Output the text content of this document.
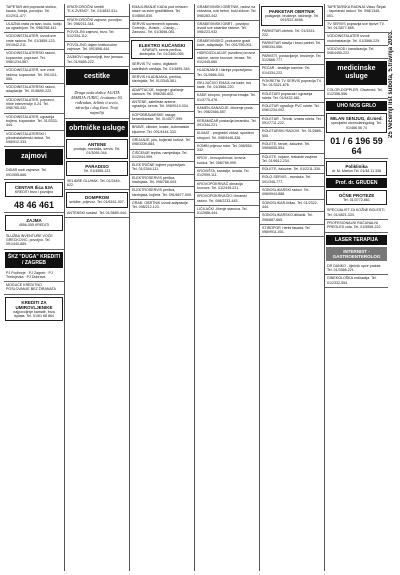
TAPETAR deli popravak stolica, kauča, fotelja, povoljno. Tel. 01/2911-477.
ULAZNA vrata za stan, kuću, kutiju sa ugradnjom. Tel. 098/258-441.
VODOINSTALATER, izvodi sve vrste radova. Tel. 01/3859-123, 091/542-211.
VODOINSTALATERSKI radovi, kupaonice, popravci. Tel. 098/1234-567.
VODOINSTALATER, sve vrste radova, kupaonice. Tel. 091/411-555.
VODOINSTALATERSKI radovi, adaptacije. Tel. 01/6690-222.
VODOINSTALATER, popravci, hitne intervencije 0-24. Tel. 098/765-432.
VODOINSTALATER, ugradnja bojlera, kupaonice. Tel. 01/3333-444.
VODOINSTALATERSKI i plinoinstalaterski radovi. Tel. 098/912-333.
zajmovi
DIDAR nudi zajmove. Tel. 091/555-666.
CENTAR Ilica 53A
KREDITI brzo i povoljno
48 46 461
ZAJMA
4556-055 KREDITI
SLUŽBA INVENTURE VOĆE GRECKOVIC, povoljno. Tel. 091/440-889.
ŠKZ "DUGA" KREDITI / ZAGREB
PJ Podhorje · PJ Zagreb · PJ Trešnjevka · PJ Dubrava
MOGUĆE KREDITNO POSLOVANJE BEZ ŽIRANATA
KREDITI ZA UMIROVLJENIKE
najpovoljnije kamate, brza isplata. Tel. 01/61 68 864
KRATKOROČNI krediti "E.K.ZVENO". Tel. 01/4832-511.
KRATKOROČNI zajmovi, povoljno. Tel. 098/211-344.
POVOLJNI zajmovi, brzo. Tel. 01/2334-112.
POVOLJNO dajem kratkoročne zajmove. Tel. 091/898-444.
ZAJMOVI najpovoljniji, bez jamaca. Tel. 01/4655-222.
cestitke
Draga naša dušice AGATA MARIJA JURIĆ, čestitamo 50. rođendan, želimo ti sreću, zdravlja i dug život. Tvoji najmiliji
obrtničke usluge
ANTENE
prodaja, montaža, servis. Tel. 01/3095-044.
PARADISO
Tel. 01/4555-123
SELIDBE GLUHAK. Tel. 01/2449-622.
DOMPROM
selidbe, prijevoz. Tel. 01/6161-007.
ANTENSKI sustavi. Tel. 01/3689-444.
EMAJLIRANJE KADA pod mirisom staze na svim gradilištima. Tel. 01/5660-830.
SERVIS suvremenih aparata -Gorenje-, -Bosch-, -Candy-, -Zanussi-. Tel. 01/3698-081.
ELEKTRO KUĆANSKI
APARATI, servis perilica, štednjaka. Tel. 01/2460-055.
SERVIS TV, video, digitalnih satelitskih uređaja. Tel. 01/4895-345.
SERVIS HLADNJAKA, perilica, štednjaka. Tel. 01/3345-561.
ADAPTACIJE, bojanje i glačanje stanova. Tel. 098/280-602.
ANTENE, satelitske antene, ugradnja, servis. Tel. 098/9119-334.
KOPOBRAVARSKE usluge, keramičarske. Tel. 01/4577-999.
BRAVE, cilindre, kvake, automatske ključeve. Tel. 091/4444-333.
GRIJANJE, plin, bojlerski kotlovi. Tel. 098/3339-884.
ČIŠĆENJE tepiha, namještaja. Tel. 01/2944-999.
ELEKTRIČNE bojlere popravljam. Tel. 01/2344-111.
ELEKTROSERVIS perilica, hladnjaka. Tel. 098/788-004.
ELEKTROSERVIS perilica, štednjaka, bojlera. Tel. 091/6677-009.
GRAĐ. OBRTNIK izvodi adaptacije. Tel. 098/212-123.
GRAĐEVINSKI OBRTNIK, radovi na zidovima, ruši beton, buši zidove. Tel. 098/283-442.
GRAĐEVINSKI OBRT - povoljno izvodi sve zidarske radove. Tel. 098/223-932.
GRAĐEVINSKO -poduzeće gradi kuće, adaptacije. Tel. 091/789-001.
HIDROIZOLACIJE (svodimo) krovne radove, ravne krovove, terase. Tel. 01/2445-660.
HLADNJAKE i škrinje popravljamo. Tel. 01/4666-344.
ISKLJUČIVO EMAJL na kade, tuš kade. Tel. 01/3566-220.
KADE stropno, promjena emajla. Tel. 01/3779-476.
KAMEN-SANACIJE, čišćenje poda. Tel. 098/2466-557.
KERAMIČAR postavlja keramiku. Tel. 091/344-221.
KLIMAT - pregradni zidovi, spušteni stropovi. Tel. 098/9446-336.
KOMBI prijevoz robe. Tel. 098/554-332.
KROV - krovopokrivač, krovna kućica. Tel. 098/789-999.
KROVIŠTA, sanacije, izrada. Tel. 01/2999-111.
KROVOPOKRIVAČ obnavlja krovove. Tel. 01/2445-221.
KROVOPOKRIVAČKI i limarski radovi. Tel. 098/2233-445.
LIČILAČKI -ličenje stanova. Tel. 01/2988-444.
PARKETAR OBRTNIK
polaganje, brušenje, lakiranje. Tel. 091/522-8458.
PARKETAR-obrtnik. Tel. 01/3331-222.
PARKETAR stavlja i brusi parket. Tel. 098/334-556.
PARKETI, postavljanje, brušenje. Tel. 01/2666-777.
PEĆAR - izrađuje kamine. Tel. 01/4334-222.
POKRETNI TV SERVIS popravlja TV. Tel. 01/3321-876.
ROLETARI popravak i ugradnja roleta. Tel. 01/4432-661.
ROLETAR ugrađuje PVC rolete. Tel. 098/1234-002.
ROLETAR - Tehnik, izrada roleta. Tel. 091/7711-222.
ROLETARSKI RADOVI. Tel. 01/2889-555.
ROLETE, tende, žaluzine. Tel. 098/6655-554.
ROLETE, bojane, trakaste zavjese. Tel. 01/6612-234.
ROLETE, žaluzine. Tel. 01/2211-330.
ROLO-SERVIS - montaža. Tel. 091/345-777.
SOBOSLIKARSKI radovi. Tel. 098/9944-888.
SOBOSLIKAR-ličilac. Tel. 01/2322-444.
SOBOSLIKARSKO-ličilački. Tel. 098/887-665.
STIROPOR i tenis fasada. Tel. 098/9911-001.
TAPETARSKA RADNJA Vlaso Šinjak - tapetarski radovi. Tel. 098/1345-001.
TV SERVIS popravlja sve tipove TV. Tel. 01/3877-665.
VODOINSTALATER izvodi vodoinstalacije. Tel. 01/3566-229.
VODOVOD i kanalizacija. Tel. 098/4455-222.
medicinske usluge
COLOR-DOPPLER, Glavimed. Tel. 01/2356-556.
UHO NOS GRLO
MILAN SENJUG, dr.med.
specijalist otorinolaringolog. Tel. 01/466 56 74
01 / 6 196 59 64
Poliklinika
dr. M. Marion Tel. 01/48 11 336
Prof. dr. GRUDEN
OČNE PROTEZE
Tel. 01/3772-661
SPECIJALIST ZA KOŽNE BOLESTI. Tel. 01/4821-334.
PROFESIONALNI RAČUNALNI PREGLED vida. Tel. 01/5558-222.
LASER TERAPIJA
INTERNIST - GASTROENTEROLOG
DR DANKO - liječnik opće prakse. Tel. 01/3366-221.
GINEKOLOŠKA ordinacija. Tel. 01/2332-554.
25 Večernji list subota, 5.travnja 2003.
